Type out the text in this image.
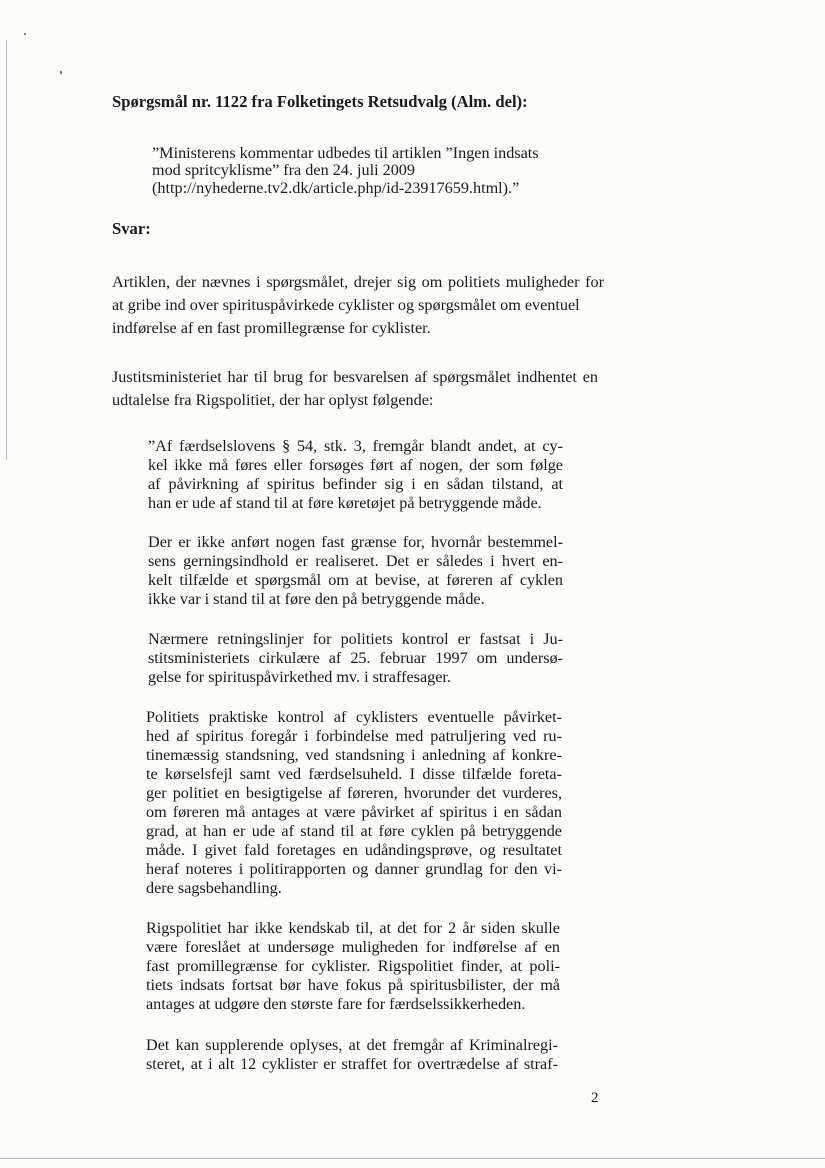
Spørgsmål nr. 1122 fra Folketingets Retsudvalg (Alm. del):
”Ministerens kommentar udbedes til artiklen ”Ingen indsats
mod spritcyklisme” fra den 24. juli 2009
(http://nyhederne.tv2.dk/article.php/id-23917659.html).”
Svar:
Artiklen, der nævnes i spørgsmålet, drejer sig om politiets muligheder for
at gribe ind over spirituspåvirkede cyklister og spørgsmålet om eventuel
indførelse af en fast promillegrænse for cyklister.
Justitsministeriet har til brug for besvarelsen af spørgsmålet indhentet en
udtalelse fra Rigspolitiet, der har oplyst følgende:
”Af færdselslovens § 54, stk. 3, fremgår blandt andet, at cy-
kel ikke må føres eller forsøges ført af nogen, der som følge
af påvirkning af spiritus befinder sig i en sådan tilstand, at
han er ude af stand til at føre køretøjet på betryggende måde.
Der er ikke anført nogen fast grænse for, hvornår bestemmel-
sens gerningsindhold er realiseret. Det er således i hvert en-
kelt tilfælde et spørgsmål om at bevise, at føreren af cyklen
ikke var i stand til at føre den på betryggende måde.
Nærmere retningslinjer for politiets kontrol er fastsat i Ju-
stitsministeriets cirkulære af 25. februar 1997 om undersø-
gelse for spirituspåvirkethed mv. i straffesager.
Politiets praktiske kontrol af cyklisters eventuelle påvirket-
hed af spiritus foregår i forbindelse med patruljering ved ru-
tinemæssig standsning, ved standsning i anledning af konkre-
te kørselsfejl samt ved færdselsuheld. I disse tilfælde foreta-
ger politiet en besigtigelse af føreren, hvorunder det vurderes,
om føreren må antages at være påvirket af spiritus i en sådan
grad, at han er ude af stand til at føre cyklen på betryggende
måde. I givet fald foretages en udåndingsprøve, og resultatet
heraf noteres i politirapporten og danner grundlag for den vi-
dere sagsbehandling.
Rigspolitiet har ikke kendskab til, at det for 2 år siden skulle
være foreslået at undersøge muligheden for indførelse af en
fast promillegrænse for cyklister. Rigspolitiet finder, at poli-
tiets indsats fortsat bør have fokus på spiritusbilister, der må
antages at udgøre den største fare for færdselssikkerheden.
Det kan supplerende oplyses, at det fremgår af Kriminalregi-
steret, at i alt 12 cyklister er straffet for overtrædelse af straf-
2
